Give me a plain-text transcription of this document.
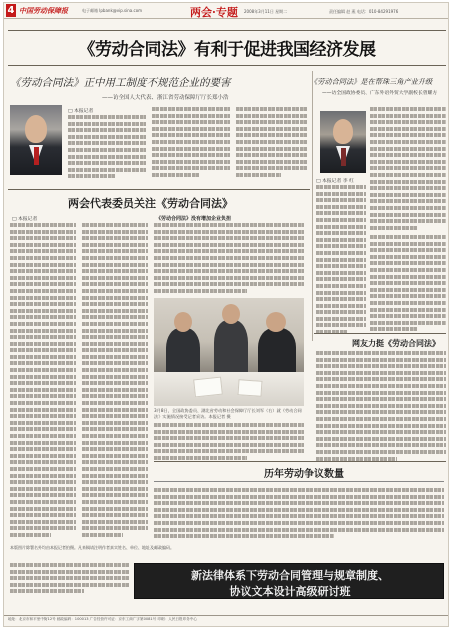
4 中国劳动保障报	电子邮箱 lpbank@vip.sina.com	两会·专题 2008年3月11日 星期二	责任编辑 赵 燕 电话：010-84291976
《劳动合同法》有利于促进我国经济发展
《劳动合同法》正中用工制度不规范企业的要害
——访全国人大代表、浙江省劳动保障厅厅长郑小浩
□ 本报记者
《劳动合同法》是在帮珠三角产业升级
——访全国政协委员、广东外语外贸大学副校长曾耀方
□ 本报记者 李 红
两会代表委员关注《劳动合同法》
□ 本报记者	《劳动合同法》没有增加企业负担
3月8日，全国政协委员、湖北省劳动和社会保障厅厅长刘军（右）就《劳动合同法》实施情况接受记者采访。本报记者 摄
网友力挺《劳动合同法》
历年劳动争议数量
本版图片除署名外均由本报记者拍摄。凡来稿请注明作者真实姓名、单位、地址及邮政编码。
新法律体系下劳动合同管理与规章制度、
协议文本设计高级研讨班
地址：北京市和平里中街12号 邮政编码：100013 广告经营许可证：京东工商广字第0081号 印刷：人民日报印务中心
